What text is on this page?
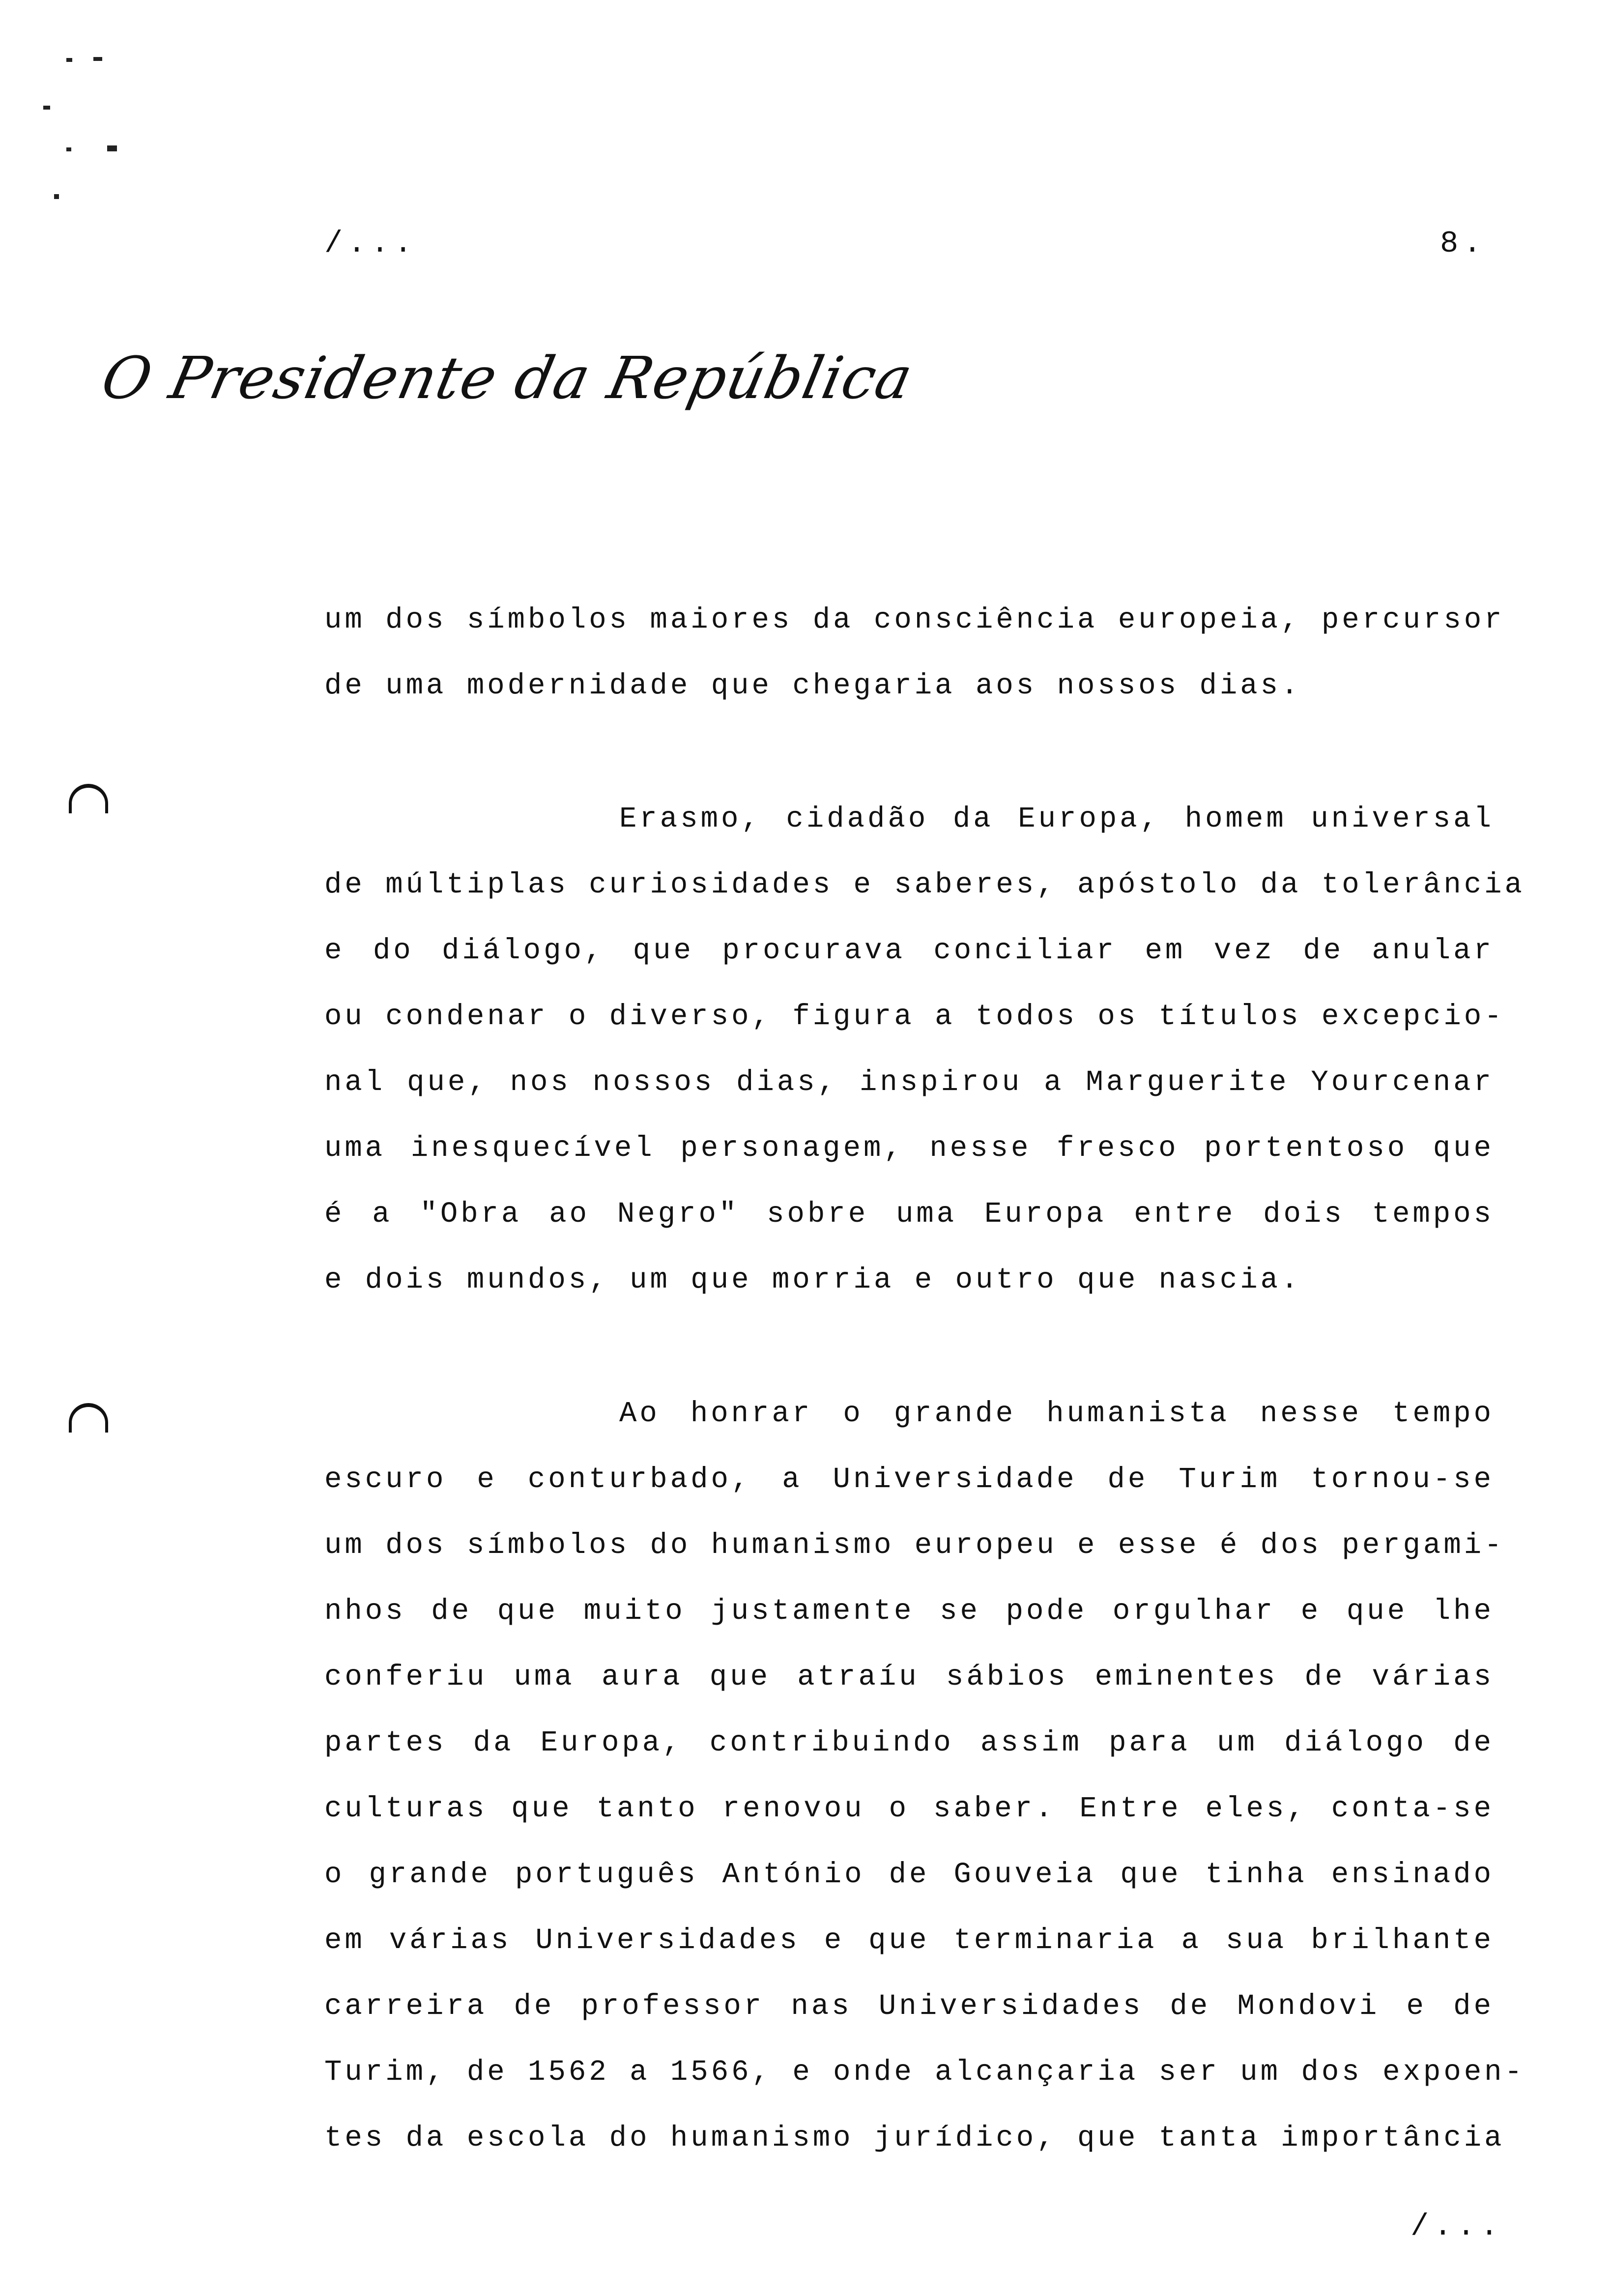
/...	8.
O Presidente da República
um dos símbolos maiores da consciência europeia, percursor
de uma modernidade que chegaria aos nossos dias.
Erasmo, cidadão da Europa, homem universal
de múltiplas curiosidades e saberes, apóstolo da tolerância
e do diálogo, que procurava conciliar em vez de anular
ou condenar o diverso, figura a todos os títulos excepcio-
nal que, nos nossos dias, inspirou a Marguerite Yourcenar
uma inesquecível personagem, nesse fresco portentoso que
é a "Obra ao Negro" sobre uma Europa entre dois tempos
e dois mundos, um que morria e outro que nascia.
Ao honrar o grande humanista nesse tempo
escuro e conturbado, a Universidade de Turim tornou-se
um dos símbolos do humanismo europeu e esse é dos pergami-
nhos de que muito justamente se pode orgulhar e que lhe
conferiu uma aura que atraíu sábios eminentes de várias
partes da Europa, contribuindo assim para um diálogo de
culturas que tanto renovou o saber. Entre eles, conta-se
o grande português António de Gouveia que tinha ensinado
em várias Universidades e que terminaria a sua brilhante
carreira de professor nas Universidades de Mondovi e de
Turim, de 1562 a 1566, e onde alcançaria ser um dos expoen-
tes da escola do humanismo jurídico, que tanta importância
/...
